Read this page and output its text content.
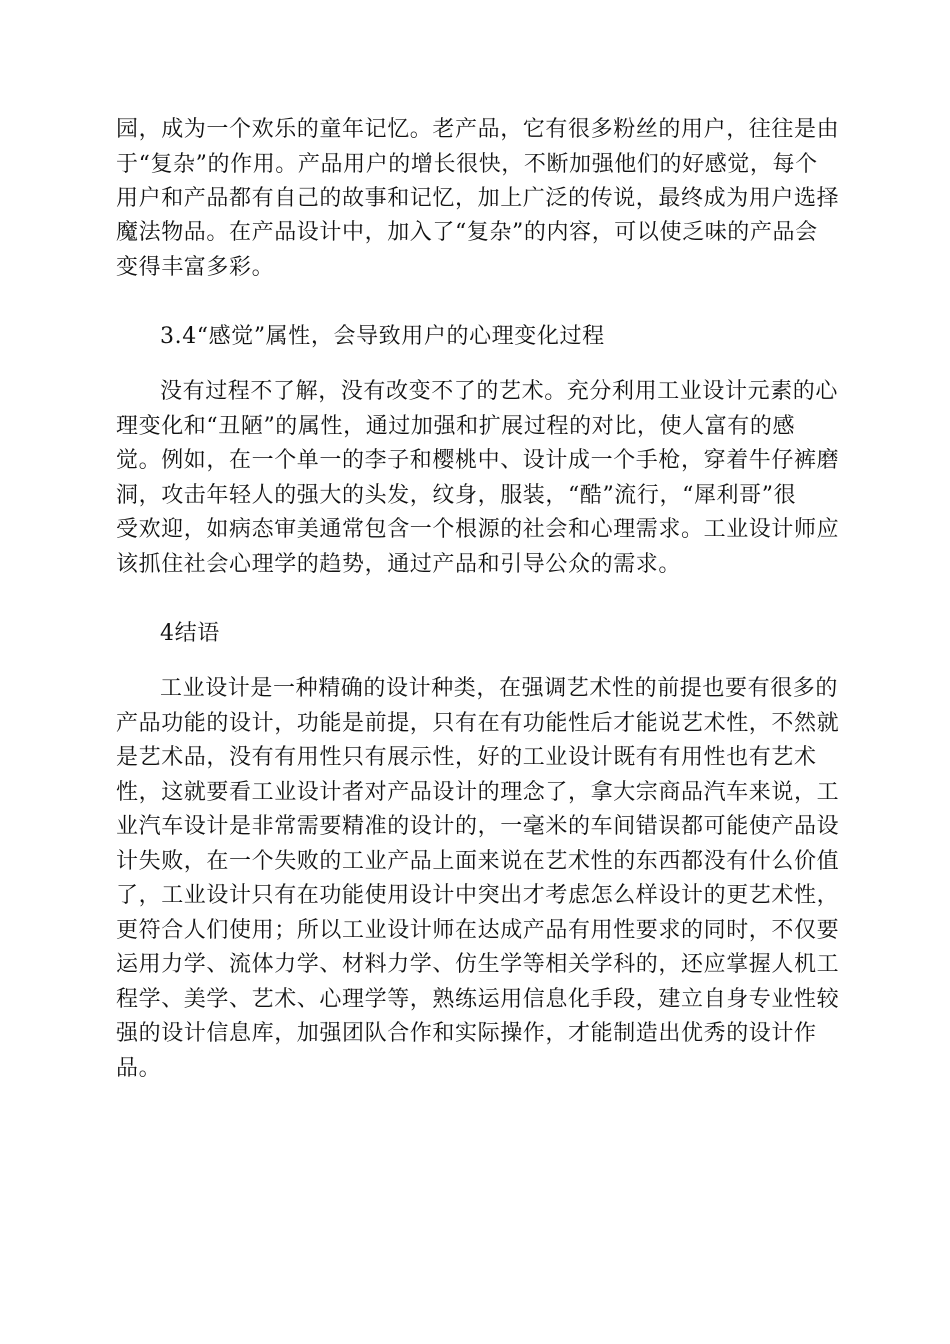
园，成为一个欢乐的童年记忆。老产品，它有很多粉丝的用户，往往是由
于“复杂”的作用。产品用户的增长很快，不断加强他们的好感觉，每个
用户和产品都有自己的故事和记忆，加上广泛的传说，最终成为用户选择
魔法物品。在产品设计中，加入了“复杂”的内容，可以使乏味的产品会
变得丰富多彩。
3.4“感觉”属性，会导致用户的心理变化过程
没有过程不了解，没有改变不了的艺术。充分利用工业设计元素的心
理变化和“丑陋”的属性，通过加强和扩展过程的对比，使人富有的感
觉。例如，在一个单一的李子和樱桃中、设计成一个手枪，穿着牛仔裤磨
洞，攻击年轻人的强大的头发，纹身，服装，“酷”流行，“犀利哥”很
受欢迎，如病态审美通常包含一个根源的社会和心理需求。工业设计师应
该抓住社会心理学的趋势，通过产品和引导公众的需求。
4结语
工业设计是一种精确的设计种类，在强调艺术性的前提也要有很多的
产品功能的设计，功能是前提，只有在有功能性后才能说艺术性，不然就
是艺术品，没有有用性只有展示性，好的工业设计既有有用性也有艺术
性，这就要看工业设计者对产品设计的理念了，拿大宗商品汽车来说，工
业汽车设计是非常需要精准的设计的，一毫米的车间错误都可能使产品设
计失败，在一个失败的工业产品上面来说在艺术性的东西都没有什么价值
了，工业设计只有在功能使用设计中突出才考虑怎么样设计的更艺术性，
更符合人们使用；所以工业设计师在达成产品有用性要求的同时，不仅要
运用力学、流体力学、材料力学、仿生学等相关学科的，还应掌握人机工
程学、美学、艺术、心理学等，熟练运用信息化手段，建立自身专业性较
强的设计信息库，加强团队合作和实际操作，才能制造出优秀的设计作
品。
